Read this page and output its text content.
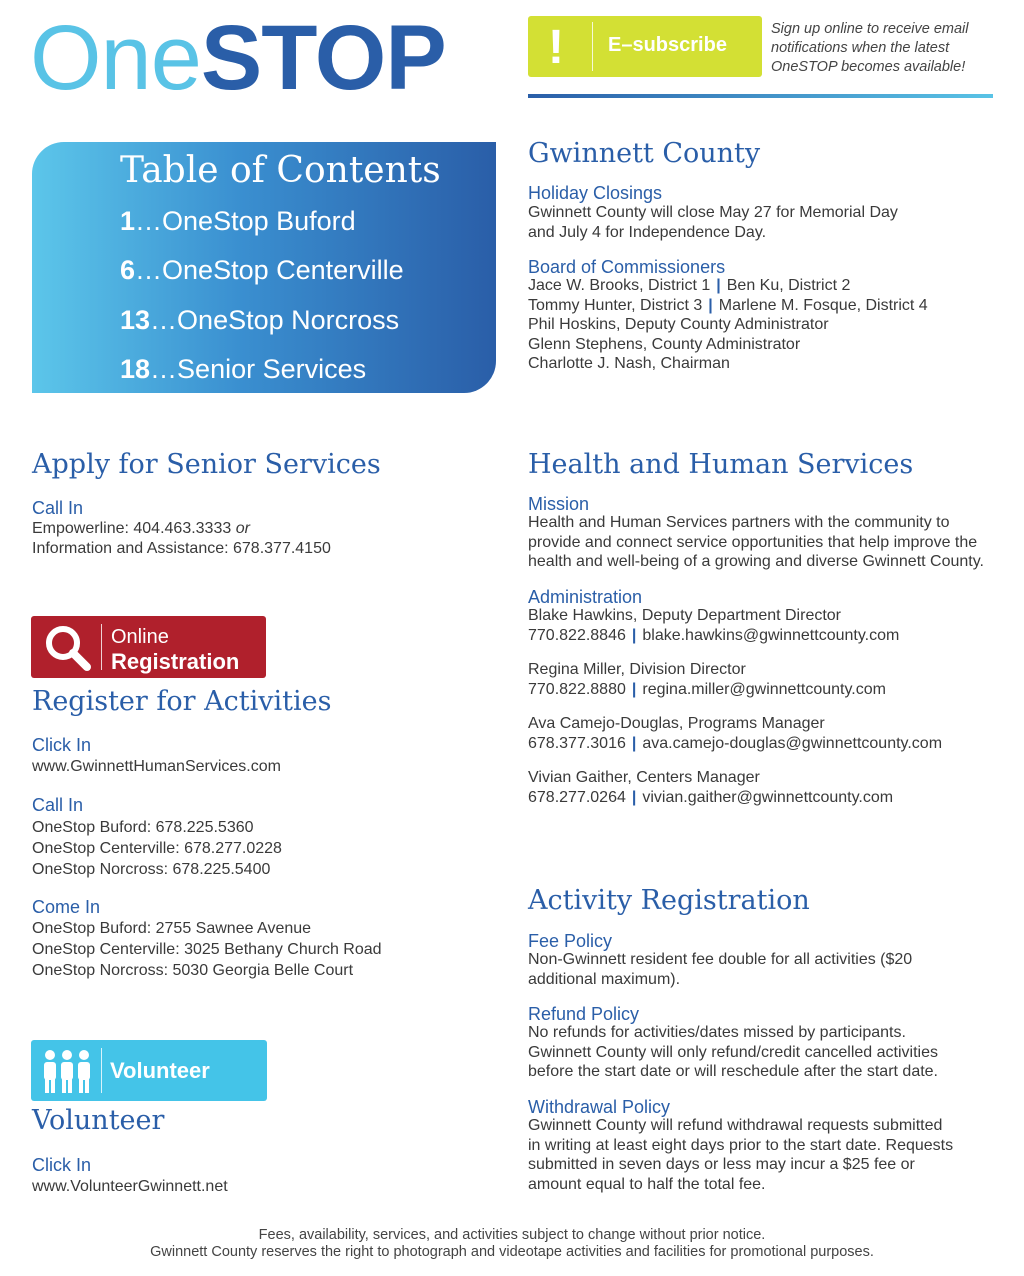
OneSTOP ! E–subscribe
Sign up online to receive email notifications when the latest OneSTOP becomes available!
Table of Contents
1…OneStop Buford
6…OneStop Centerville
13…OneStop Norcross
18…Senior Services
Gwinnett County
Holiday Closings
Gwinnett County will close May 27 for Memorial Day
and July 4 for Independence Day.
Board of Commissioners
Jace W. Brooks, District 1 | Ben Ku, District 2
Tommy Hunter, District 3 | Marlene M. Fosque, District 4
Phil Hoskins, Deputy County Administrator
Glenn Stephens, County Administrator
Charlotte J. Nash, Chairman
Apply for Senior Services
Call In
Empowerline: 404.463.3333 or
Information and Assistance: 678.377.4150
Online
Registration
Register for Activities
Click In
www.GwinnettHumanServices.com
Call In
OneStop Buford: 678.225.5360
OneStop Centerville: 678.277.0228
OneStop Norcross: 678.225.5400
Come In
OneStop Buford: 2755 Sawnee Avenue
OneStop Centerville: 3025 Bethany Church Road
OneStop Norcross: 5030 Georgia Belle Court
Volunteer
Volunteer
Click In
www.VolunteerGwinnett.net
Health and Human Services
Mission
Health and Human Services partners with the community to
provide and connect service opportunities that help improve the
health and well-being of a growing and diverse Gwinnett County.
Administration
Blake Hawkins, Deputy Department Director
770.822.8846 | blake.hawkins@gwinnettcounty.com
Regina Miller, Division Director
770.822.8880 | regina.miller@gwinnettcounty.com
Ava Camejo-Douglas, Programs Manager
678.377.3016 | ava.camejo-douglas@gwinnettcounty.com
Vivian Gaither, Centers Manager
678.277.0264 | vivian.gaither@gwinnettcounty.com
Activity Registration
Fee Policy
Non-Gwinnett resident fee double for all activities ($20
additional maximum).
Refund Policy
No refunds for activities/dates missed by participants.
Gwinnett County will only refund/credit cancelled activities
before the start date or will reschedule after the start date.
Withdrawal Policy
Gwinnett County will refund withdrawal requests submitted
in writing at least eight days prior to the start date. Requests
submitted in seven days or less may incur a $25 fee or
amount equal to half the total fee.
Fees, availability, services, and activities subject to change without prior notice.
Gwinnett County reserves the right to photograph and videotape activities and facilities for promotional purposes.
